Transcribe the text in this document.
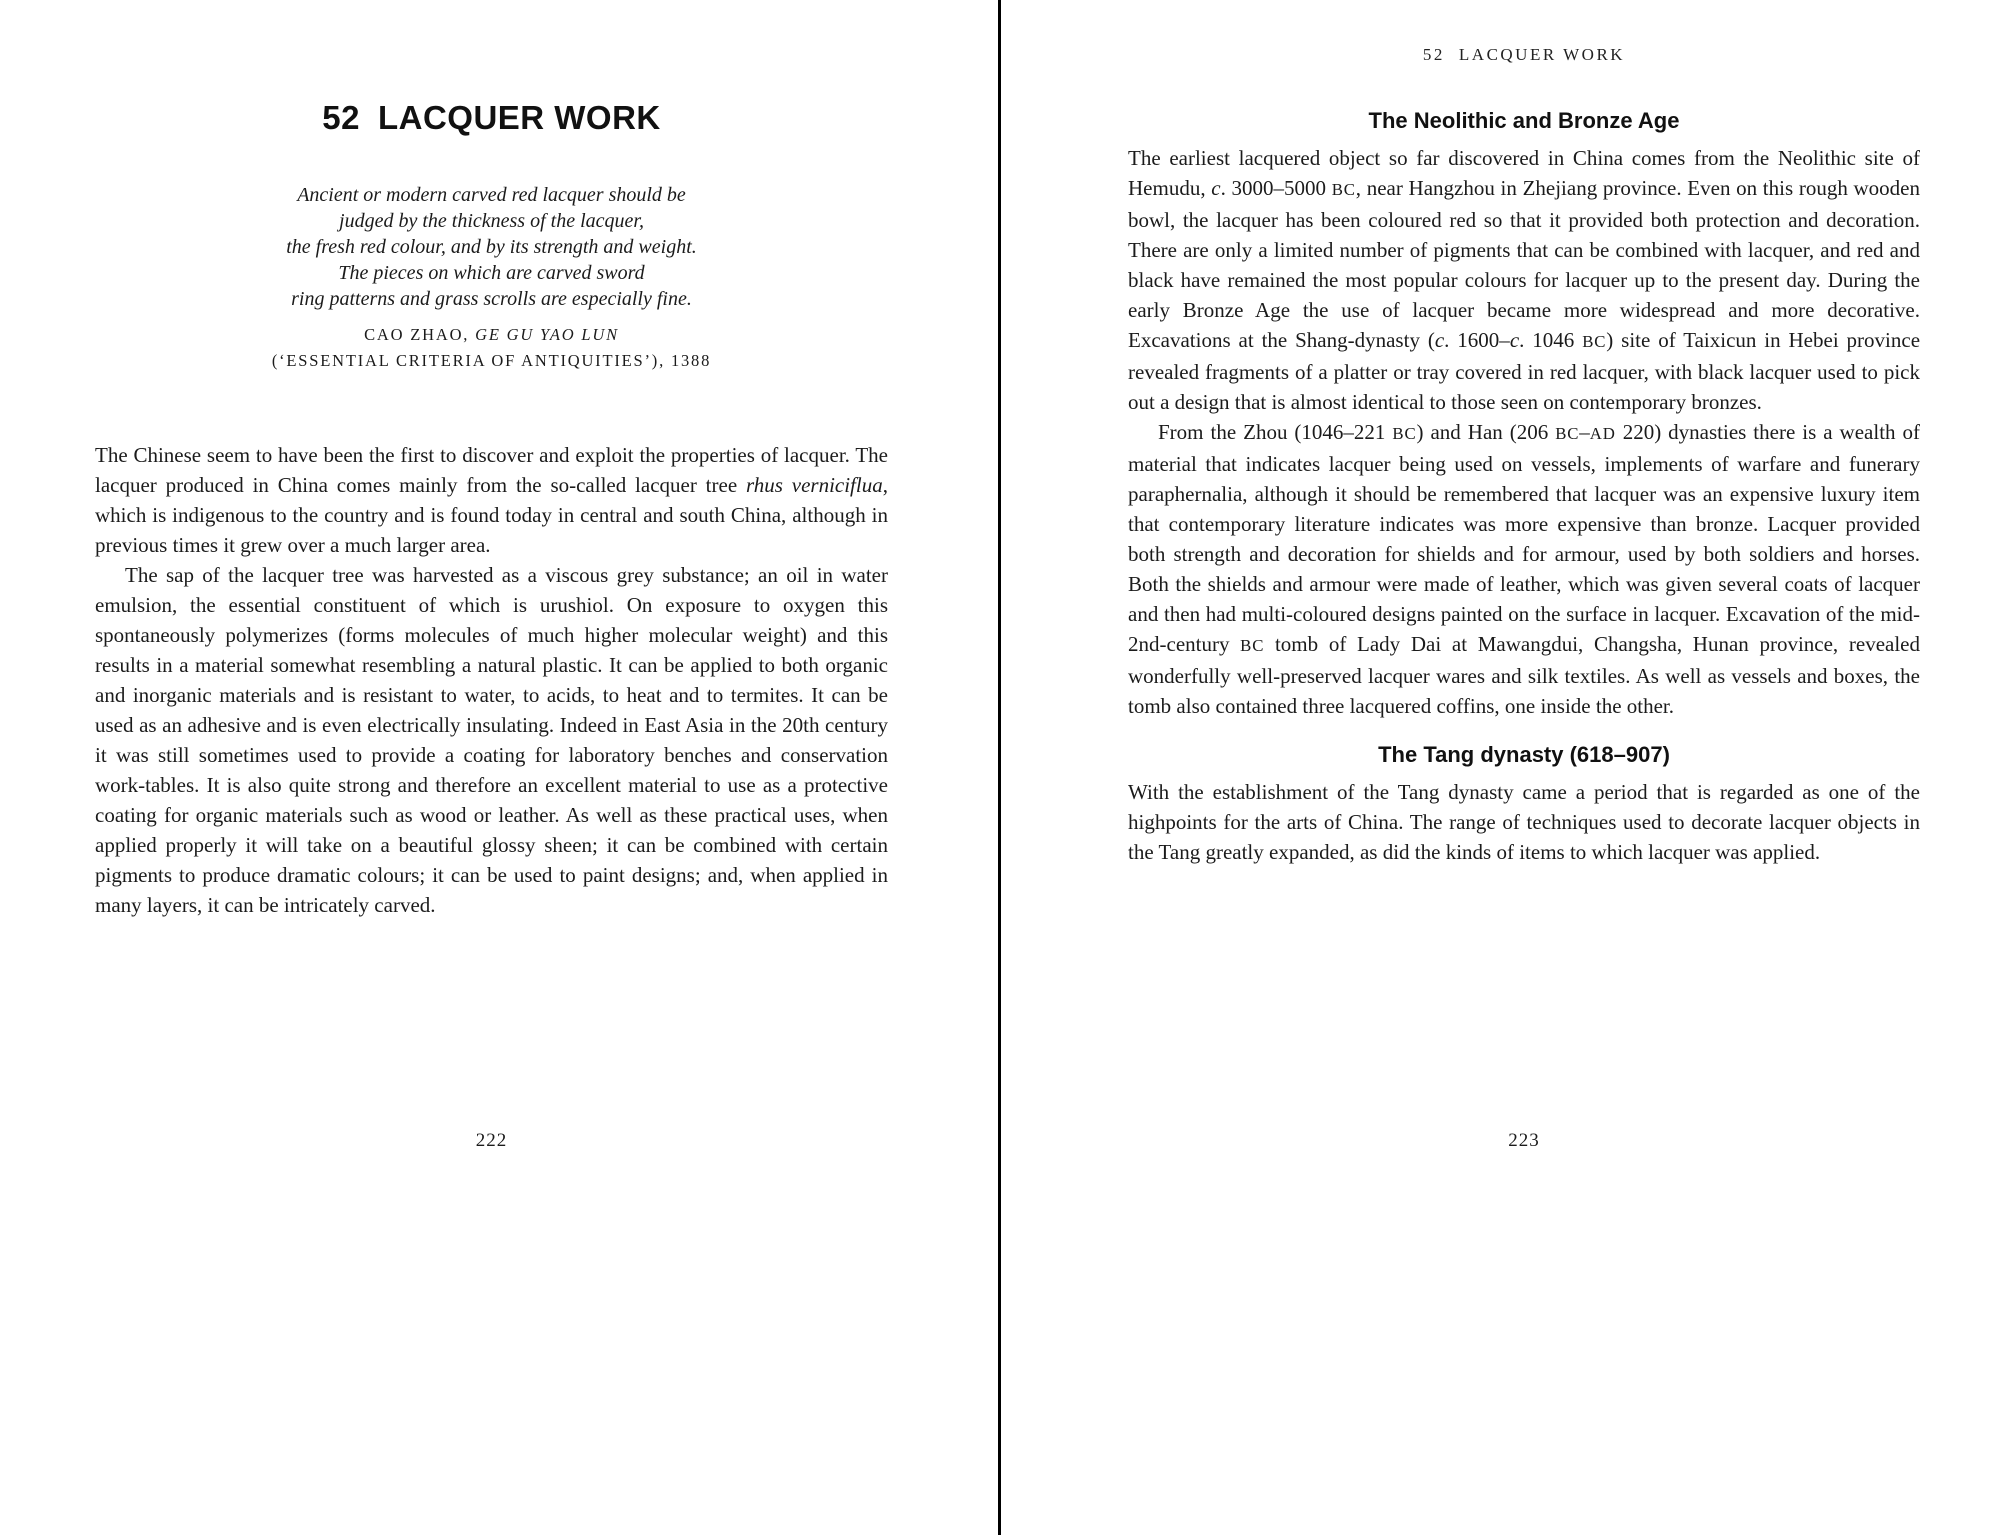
52 LACQUER WORK
Ancient or modern carved red lacquer should be
judged by the thickness of the lacquer,
the fresh red colour, and by its strength and weight.
The pieces on which are carved sword
ring patterns and grass scrolls are especially fine.
CAO ZHAO, GE GU YAO LUN
(‘ESSENTIAL CRITERIA OF ANTIQUITIES’), 1388

The Chinese seem to have been the first to discover and exploit the properties of lacquer. The lacquer produced in China comes mainly from the so-called lacquer tree rhus verniciflua, which is indigenous to the country and is found today in central and south China, although in previous times it grew over a much larger area.

The sap of the lacquer tree was harvested as a viscous grey substance; an oil in water emulsion, the essential constituent of which is urushiol. On exposure to oxygen this spontaneously polymerizes (forms molecules of much higher molecular weight) and this results in a material somewhat resembling a natural plastic. It can be applied to both organic and inorganic materials and is resistant to water, to acids, to heat and to termites. It can be used as an adhesive and is even electrically insulating. Indeed in East Asia in the 20th century it was still sometimes used to provide a coating for laboratory benches and conservation work-tables. It is also quite strong and therefore an excellent material to use as a protective coating for organic materials such as wood or leather. As well as these practical uses, when applied properly it will take on a beautiful glossy sheen; it can be combined with certain pigments to produce dramatic colours; it can be used to paint designs; and, when applied in many layers, it can be intricately carved.

222
52 LACQUER WORK
The Neolithic and Bronze Age

The earliest lacquered object so far discovered in China comes from the Neolithic site of Hemudu, c. 3000–5000 BC, near Hangzhou in Zhejiang province. Even on this rough wooden bowl, the lacquer has been coloured red so that it provided both protection and decoration. There are only a limited number of pigments that can be combined with lacquer, and red and black have remained the most popular colours for lacquer up to the present day. During the early Bronze Age the use of lacquer became more widespread and more decorative. Excavations at the Shang-dynasty (c. 1600–c. 1046 BC) site of Taixicun in Hebei province revealed fragments of a platter or tray covered in red lacquer, with black lacquer used to pick out a design that is almost identical to those seen on contemporary bronzes.

From the Zhou (1046–221 BC) and Han (206 BC–AD 220) dynasties there is a wealth of material that indicates lacquer being used on vessels, implements of warfare and funerary paraphernalia, although it should be remembered that lacquer was an expensive luxury item that contemporary literature indicates was more expensive than bronze. Lacquer provided both strength and decoration for shields and for armour, used by both soldiers and horses. Both the shields and armour were made of leather, which was given several coats of lacquer and then had multi-coloured designs painted on the surface in lacquer. Excavation of the mid-2nd-century BC tomb of Lady Dai at Mawangdui, Changsha, Hunan province, revealed wonderfully well-preserved lacquer wares and silk textiles. As well as vessels and boxes, the tomb also contained three lacquered coffins, one inside the other.

The Tang dynasty (618–907)

With the establishment of the Tang dynasty came a period that is regarded as one of the highpoints for the arts of China. The range of techniques used to decorate lacquer objects in the Tang greatly expanded, as did the kinds of items to which lacquer was applied.

223
